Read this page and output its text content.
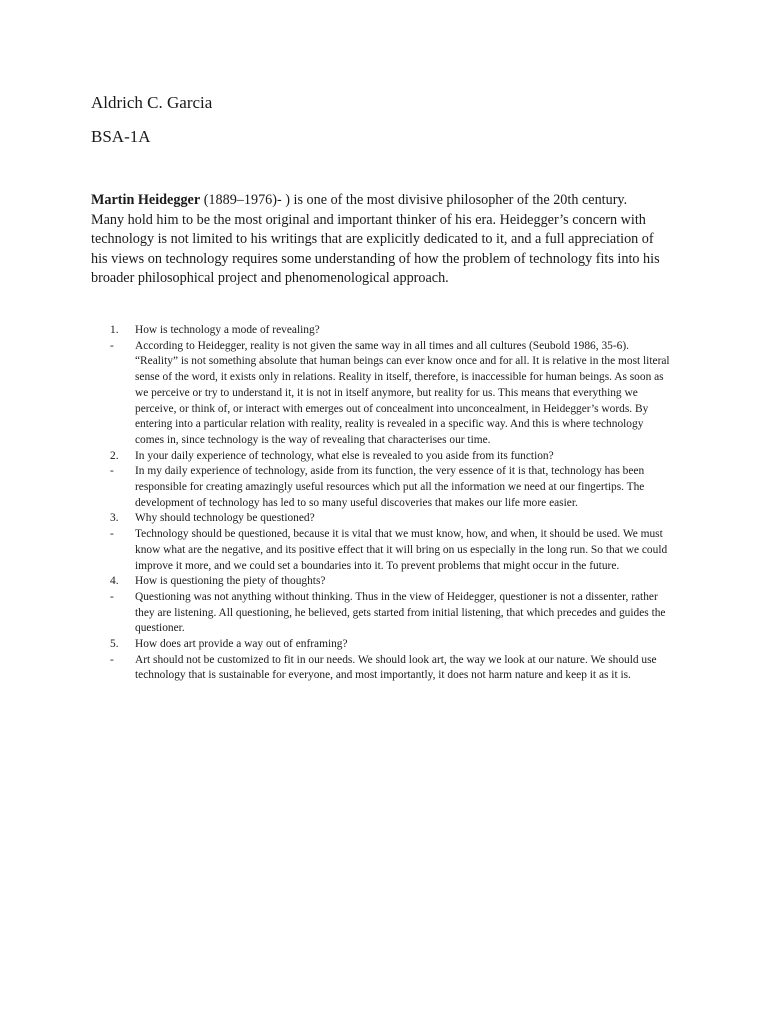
Aldrich C. Garcia
BSA-1A

Martin Heidegger (1889–1976)- ) is one of the most divisive philosopher of the 20th century. Many hold him to be the most original and important thinker of his era. Heidegger’s concern with technology is not limited to his writings that are explicitly dedicated to it, and a full appreciation of his views on technology requires some understanding of how the problem of technology fits into his broader philosophical project and phenomenological approach.

1.	How is technology a mode of revealing?
-	According to Heidegger, reality is not given the same way in all times and all cultures (Seubold 1986, 35-6). “Reality” is not something absolute that human beings can ever know once and for all. It is relative in the most literal sense of the word, it exists only in relations. Reality in itself, therefore, is inaccessible for human beings. As soon as we perceive or try to understand it, it is not in itself anymore, but reality for us. This means that everything we perceive, or think of, or interact with emerges out of concealment into unconcealment, in Heidegger’s words. By entering into a particular relation with reality, reality is revealed in a specific way. And this is where technology comes in, since technology is the way of revealing that characterises our time.
2.	In your daily experience of technology, what else is revealed to you aside from its function?
-	In my daily experience of technology, aside from its function, the very essence of it is that, technology has been responsible for creating amazingly useful resources which put all the information we need at our fingertips. The development of technology has led to so many useful discoveries that makes our life more easier.
3.	Why should technology be questioned?
-	Technology should be questioned, because it is vital that we must know, how, and when, it should be used. We must know what are the negative, and its positive effect that it will bring on us especially in the long run. So that we could improve it more, and we could set a boundaries into it. To prevent problems that might occur in the future.
4.	How is questioning the piety of thoughts?
-	Questioning was not anything without thinking. Thus in the view of Heidegger, questioner is not a dissenter, rather they are listening. All questioning, he believed, gets started from initial listening, that which precedes and guides the questioner.
5.	How does art provide a way out of enframing?
-	Art should not be customized to fit in our needs. We should look art, the way we look at our nature. We should use technology that is sustainable for everyone, and most importantly, it does not harm nature and keep it as it is.
